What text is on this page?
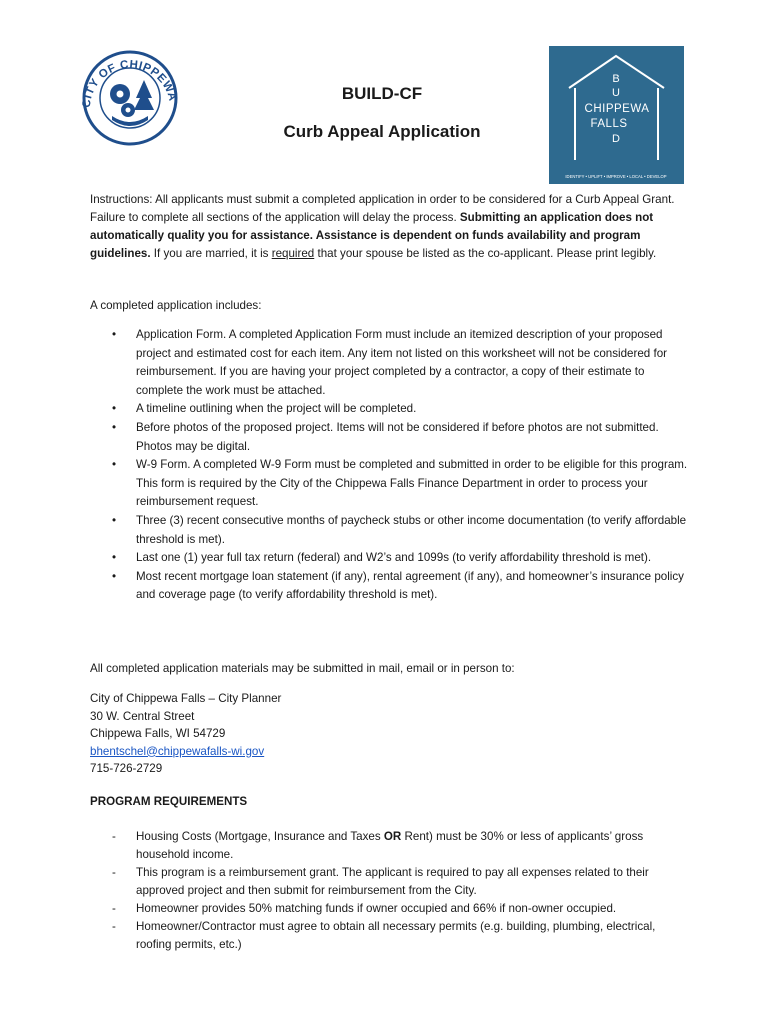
CITY OF CHIPPEWA	BUILD-CF
Curb Appeal Application
B
U
CHIPPEWA
FALLS
D
IDENTIFY • UPLIFT • IMPROVE • LOCAL • DEVELOP
Instructions: All applicants must submit a completed application in order to be considered for a Curb Appeal Grant. Failure to complete all sections of the application will delay the process. Submitting an application does not automatically quality you for assistance. Assistance is dependent on funds availability and program guidelines. If you are married, it is required that your spouse be listed as the co-applicant. Please print legibly.
A completed application includes:
• Application Form. A completed Application Form must include an itemized description of your proposed project and estimated cost for each item. Any item not listed on this worksheet will not be considered for reimbursement. If you are having your project completed by a contractor, a copy of their estimate to complete the work must be attached.
• A timeline outlining when the project will be completed.
• Before photos of the proposed project. Items will not be considered if before photos are not submitted. Photos may be digital.
• W-9 Form. A completed W-9 Form must be completed and submitted in order to be eligible for this program. This form is required by the City of the Chippewa Falls Finance Department in order to process your reimbursement request.
• Three (3) recent consecutive months of paycheck stubs or other income documentation (to verify affordable threshold is met).
• Last one (1) year full tax return (federal) and W2’s and 1099s (to verify affordability threshold is met).
• Most recent mortgage loan statement (if any), rental agreement (if any), and homeowner’s insurance policy and coverage page (to verify affordability threshold is met).
All completed application materials may be submitted in mail, email or in person to:
City of Chippewa Falls – City Planner
30 W. Central Street
Chippewa Falls, WI 54729
bhentschel@chippewafalls-wi.gov
715-726-2729
PROGRAM REQUIREMENTS
- Housing Costs (Mortgage, Insurance and Taxes OR Rent) must be 30% or less of applicants’ gross household income.
- This program is a reimbursement grant. The applicant is required to pay all expenses related to their approved project and then submit for reimbursement from the City.
- Homeowner provides 50% matching funds if owner occupied and 66% if non-owner occupied.
- Homeowner/Contractor must agree to obtain all necessary permits (e.g. building, plumbing, electrical, roofing permits, etc.)
